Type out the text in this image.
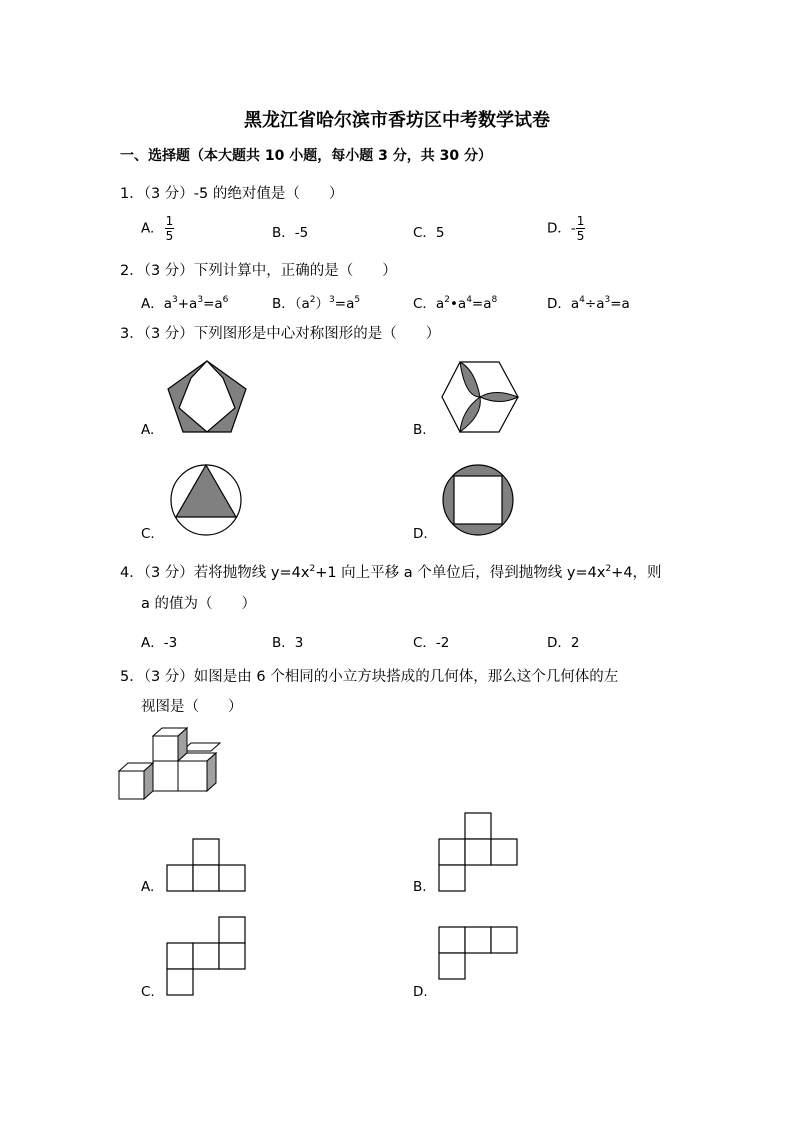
黑龙江省哈尔滨市香坊区中考数学试卷
一、选择题（本大题共 10 小题，每小题 3 分，共 30 分）
1．（3 分）-5 的绝对值是（　　）
A. $\frac{1}{5}$	B．-5	C．5	D．- $\frac{1}{5}$
2．（3 分）下列计算中，正确的是（　　）
A．$a^3+a^3=a^6$	B．$(a^2)^3=a^5$	C．$a^2•a^4=a^8$	D．$a^4\div a^3=a$
3．（3 分）下列图形是中心对称图形的是（　　）
A.	B.
C.	D.
4．（3 分）若将抛物线 $y=4x^2+1$ 向上平移 a 个单位后，得到抛物线 $y=4x^2+4$，则
a 的值为（　　）
A．-3	B．3	C．-2	D．2
5．（3 分）如图是由 6 个相同的小立方块搭成的几何体，那么这个几何体的左
视图是（　　）
A.	B.
C.	D.
